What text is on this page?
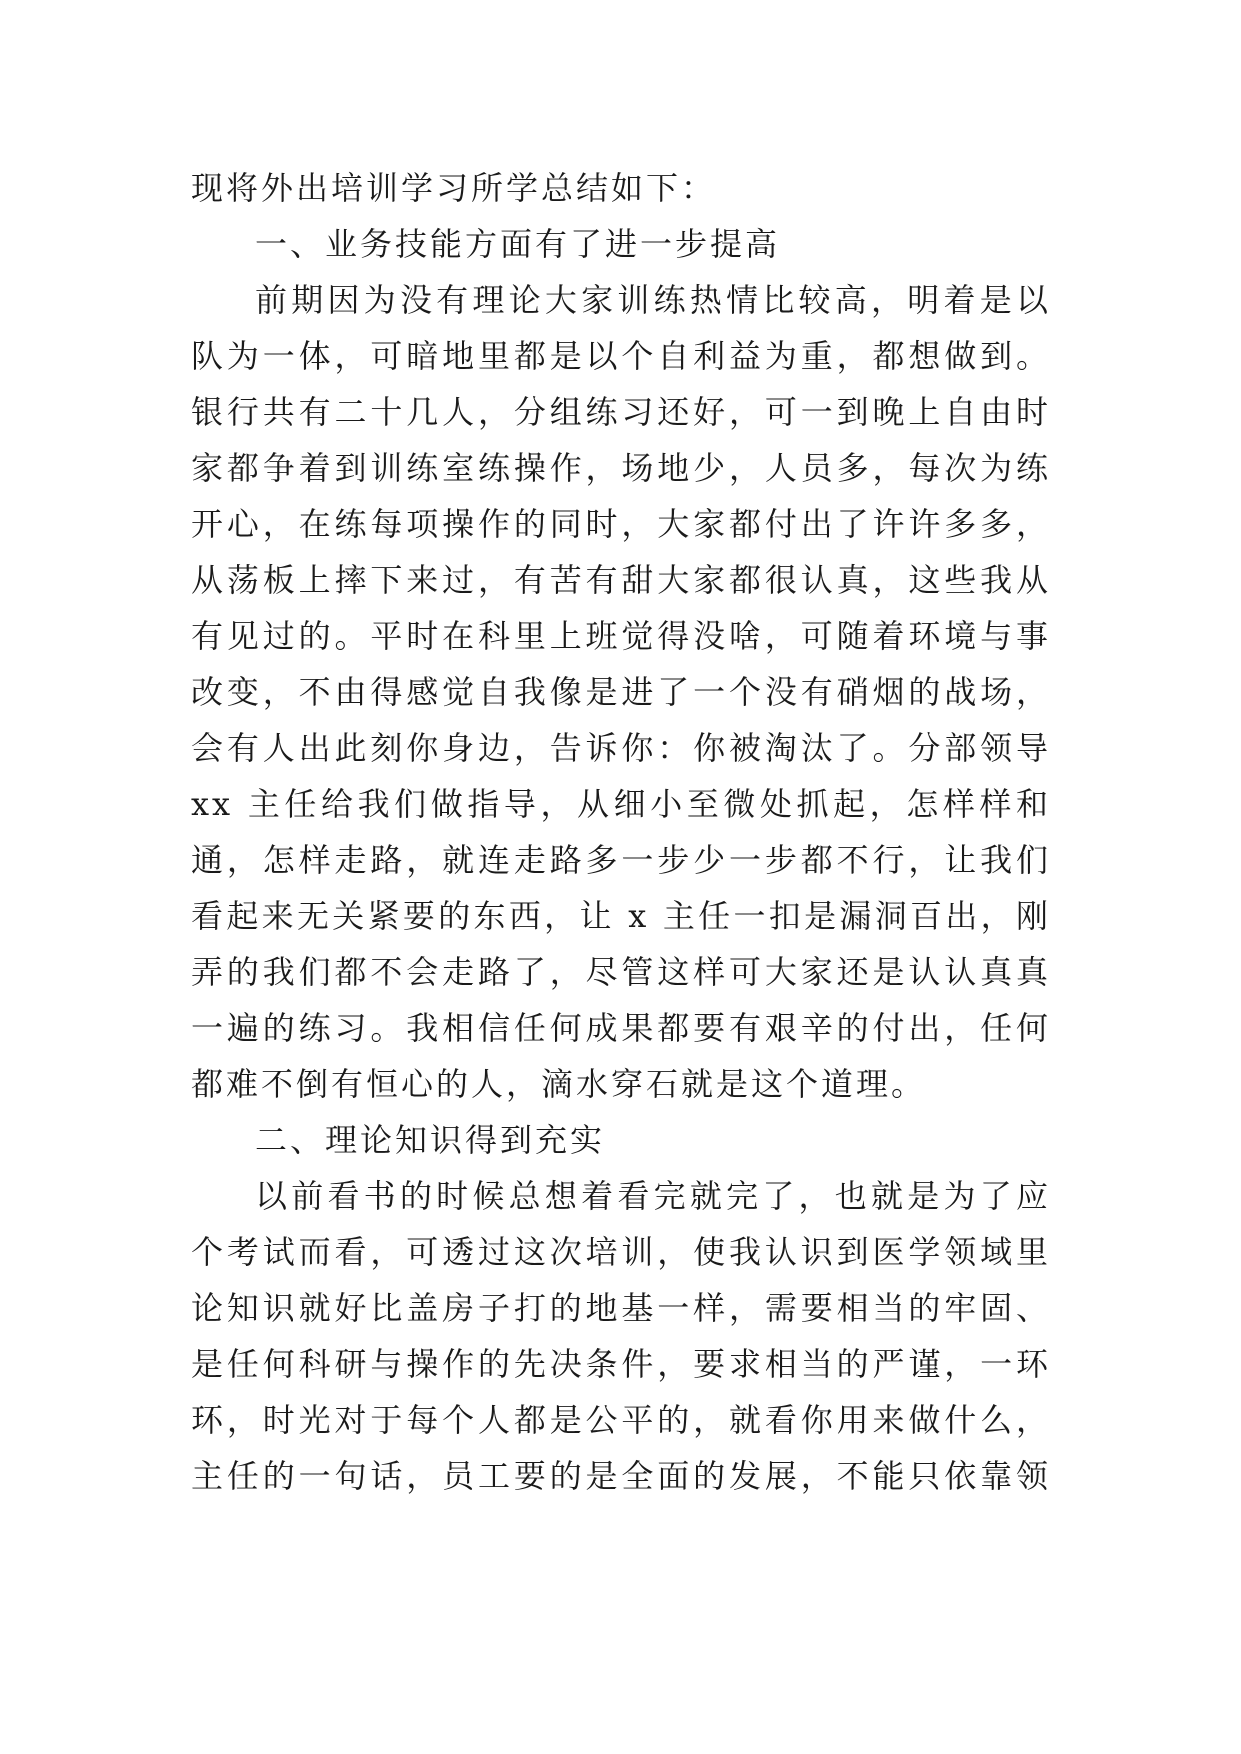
现将外出培训学习所学总结如下：
一、业务技能方面有了进一步提高
前期因为没有理论大家训练热情比较高，明着是以
队为一体，可暗地里都是以个自利益为重，都想做到。
银行共有二十几人，分组练习还好，可一到晚上自由时
家都争着到训练室练操作，场地少，人员多，每次为练
开心，在练每项操作的同时，大家都付出了许许多多，
从荡板上摔下来过，有苦有甜大家都很认真，这些我从
有见过的。平时在科里上班觉得没啥，可随着环境与事
改变，不由得感觉自我像是进了一个没有硝烟的战场，
会有人出此刻你身边，告诉你：你被淘汰了。分部领导
xx 主任给我们做指导，从细小至微处抓起，怎样样和
通，怎样走路，就连走路多一步少一步都不行，让我们
看起来无关紧要的东西，让 x 主任一扣是漏洞百出，刚
弄的我们都不会走路了，尽管这样可大家还是认认真真
一遍的练习。我相信任何成果都要有艰辛的付出，任何
都难不倒有恒心的人，滴水穿石就是这个道理。
二、理论知识得到充实
以前看书的时候总想着看完就完了，也就是为了应
个考试而看，可透过这次培训，使我认识到医学领域里
论知识就好比盖房子打的地基一样，需要相当的牢固、
是任何科研与操作的先决条件，要求相当的严谨，一环
环，时光对于每个人都是公平的，就看你用来做什么，
主任的一句话，员工要的是全面的发展，不能只依靠领
